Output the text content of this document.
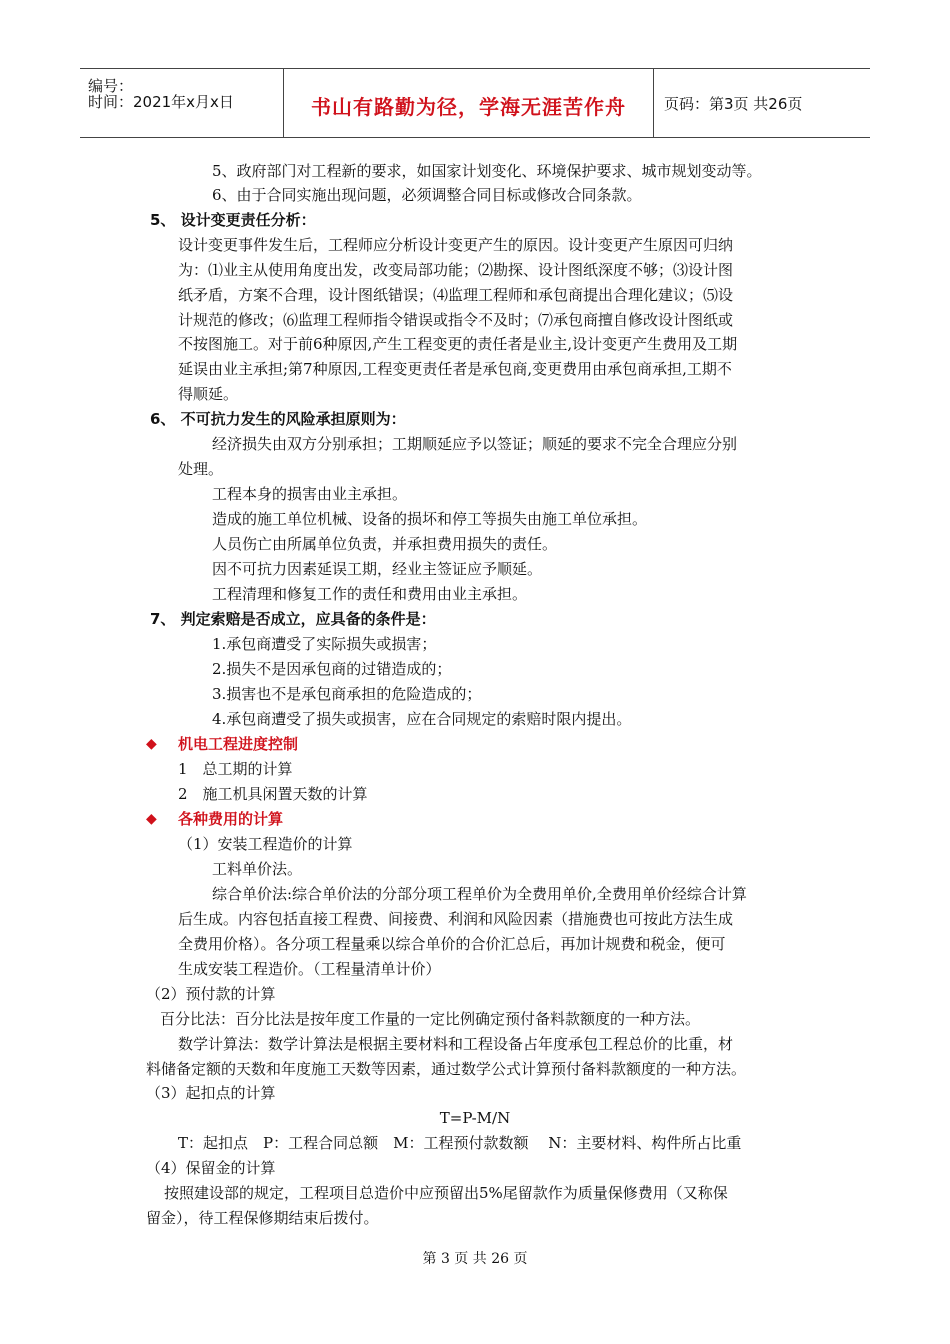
编号：
时间：2021年x月x日	书山有路勤为径，学海无涯苦作舟	页码：第3页 共26页
5、政府部门对工程新的要求，如国家计划变化、环境保护要求、城市规划变动等。
6、由于合同实施出现问题，必须调整合同目标或修改合同条款。
5、 设计变更责任分析：
设计变更事件发生后，工程师应分析设计变更产生的原因。设计变更产生原因可归纳
为：⑴业主从使用角度出发，改变局部功能；⑵勘探、设计图纸深度不够；⑶设计图
纸矛盾，方案不合理，设计图纸错误；⑷监理工程师和承包商提出合理化建议；⑸设
计规范的修改；⑹监理工程师指令错误或指令不及时；⑺承包商擅自修改设计图纸或
不按图施工。对于前6种原因,产生工程变更的责任者是业主,设计变更产生费用及工期
延误由业主承担;第7种原因,工程变更责任者是承包商,变更费用由承包商承担,工期不
得顺延。
6、 不可抗力发生的风险承担原则为：
经济损失由双方分别承担；工期顺延应予以签证；顺延的要求不完全合理应分别
处理。
工程本身的损害由业主承担。
造成的施工单位机械、设备的损坏和停工等损失由施工单位承担。
人员伤亡由所属单位负责，并承担费用损失的责任。
因不可抗力因素延误工期，经业主签证应予顺延。
工程清理和修复工作的责任和费用由业主承担。
7、 判定索赔是否成立，应具备的条件是：
1.承包商遭受了实际损失或损害；
2.损失不是因承包商的过错造成的；
3.损害也不是承包商承担的危险造成的；
4.承包商遭受了损失或损害，应在合同规定的索赔时限内提出。
◆ 机电工程进度控制
1　总工期的计算
2　施工机具闲置天数的计算
◆ 各种费用的计算
（1）安装工程造价的计算
工料单价法。
综合单价法:综合单价法的分部分项工程单价为全费用单价,全费用单价经综合计算
后生成。内容包括直接工程费、间接费、利润和风险因素（措施费也可按此方法生成
全费用价格）。各分项工程量乘以综合单价的合价汇总后，再加计规费和税金，便可
生成安装工程造价。（工程量清单计价）
（2）预付款的计算
百分比法：百分比法是按年度工作量的一定比例确定预付备料款额度的一种方法。
数学计算法：数学计算法是根据主要材料和工程设备占年度承包工程总价的比重，材
料储备定额的天数和年度施工天数等因素，通过数学公式计算预付备料款额度的一种方法。
（3）起扣点的计算
T=P-M/N
T：起扣点　P：工程合同总额　M：工程预付款数额　 N：主要材料、构件所占比重
（4）保留金的计算
按照建设部的规定，工程项目总造价中应预留出5%尾留款作为质量保修费用（又称保
留金），待工程保修期结束后拨付。
第 3 页 共 26 页
